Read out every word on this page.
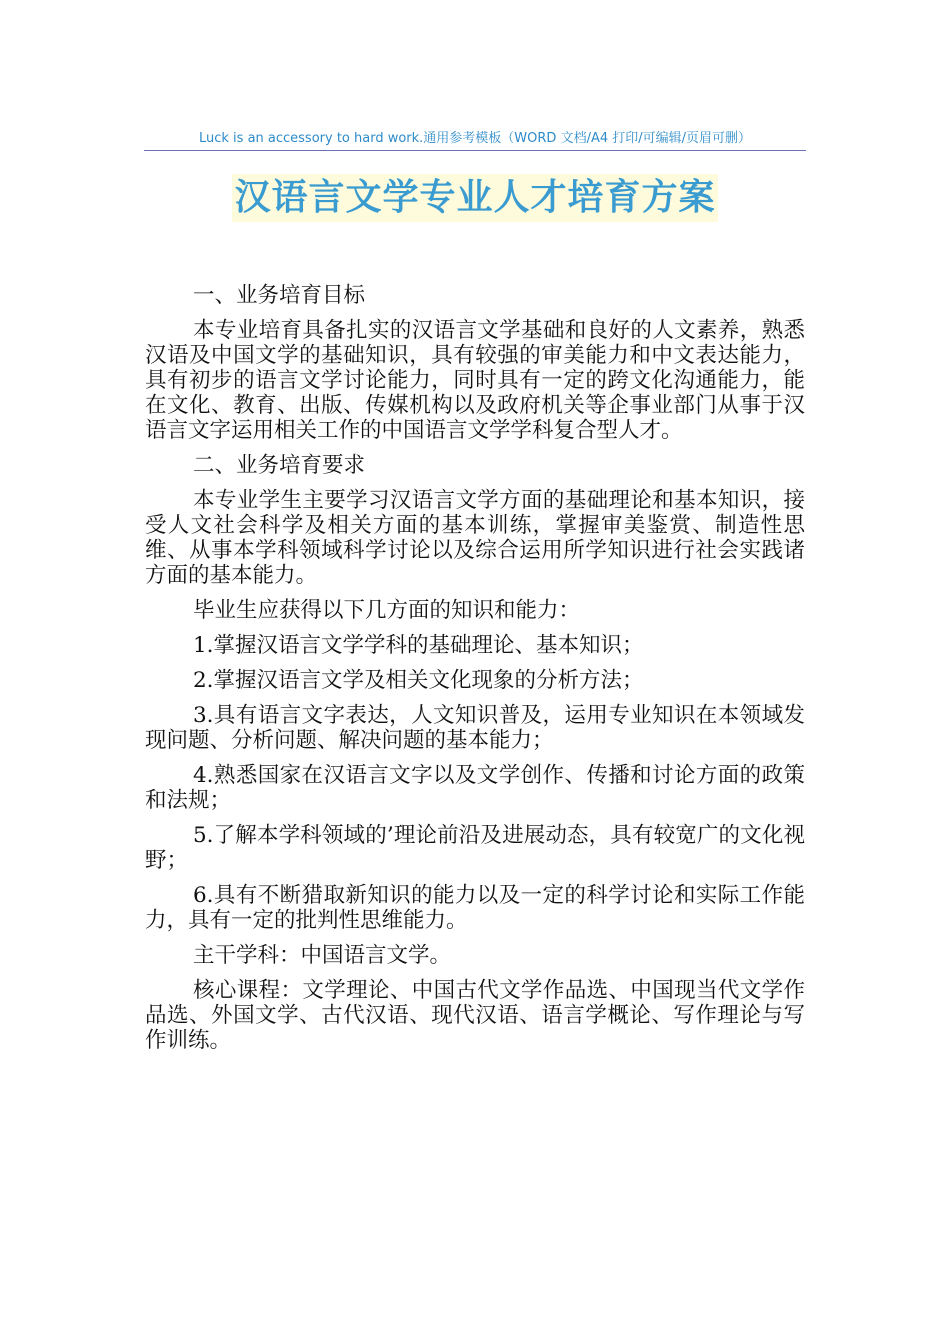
Luck is an accessory to hard work.通用参考模板（WORD 文档/A4 打印/可编辑/页眉可删）
汉语言文学专业人才培育方案

一、业务培育目标

本专业培育具备扎实的汉语言文学基础和良好的人文素养，熟悉汉语及中国文学的基础知识，具有较强的审美能力和中文表达能力，具有初步的语言文学讨论能力，同时具有一定的跨文化沟通能力，能在文化、教育、出版、传媒机构以及政府机关等企事业部门从事于汉语言文字运用相关工作的中国语言文学学科复合型人才。

二、业务培育要求

本专业学生主要学习汉语言文学方面的基础理论和基本知识，接受人文社会科学及相关方面的基本训练，掌握审美鉴赏、制造性思维、从事本学科领域科学讨论以及综合运用所学知识进行社会实践诸方面的基本能力。

毕业生应获得以下几方面的知识和能力：

1.掌握汉语言文学学科的基础理论、基本知识；

2.掌握汉语言文学及相关文化现象的分析方法；

3.具有语言文字表达，人文知识普及，运用专业知识在本领域发现问题、分析问题、解决问题的基本能力；

4.熟悉国家在汉语言文字以及文学创作、传播和讨论方面的政策和法规；

5.了解本学科领域的’理论前沿及进展动态，具有较宽广的文化视野；

6.具有不断猎取新知识的能力以及一定的科学讨论和实际工作能力，具有一定的批判性思维能力。

主干学科：中国语言文学。

核心课程：文学理论、中国古代文学作品选、中国现当代文学作品选、外国文学、古代汉语、现代汉语、语言学概论、写作理论与写作训练。
